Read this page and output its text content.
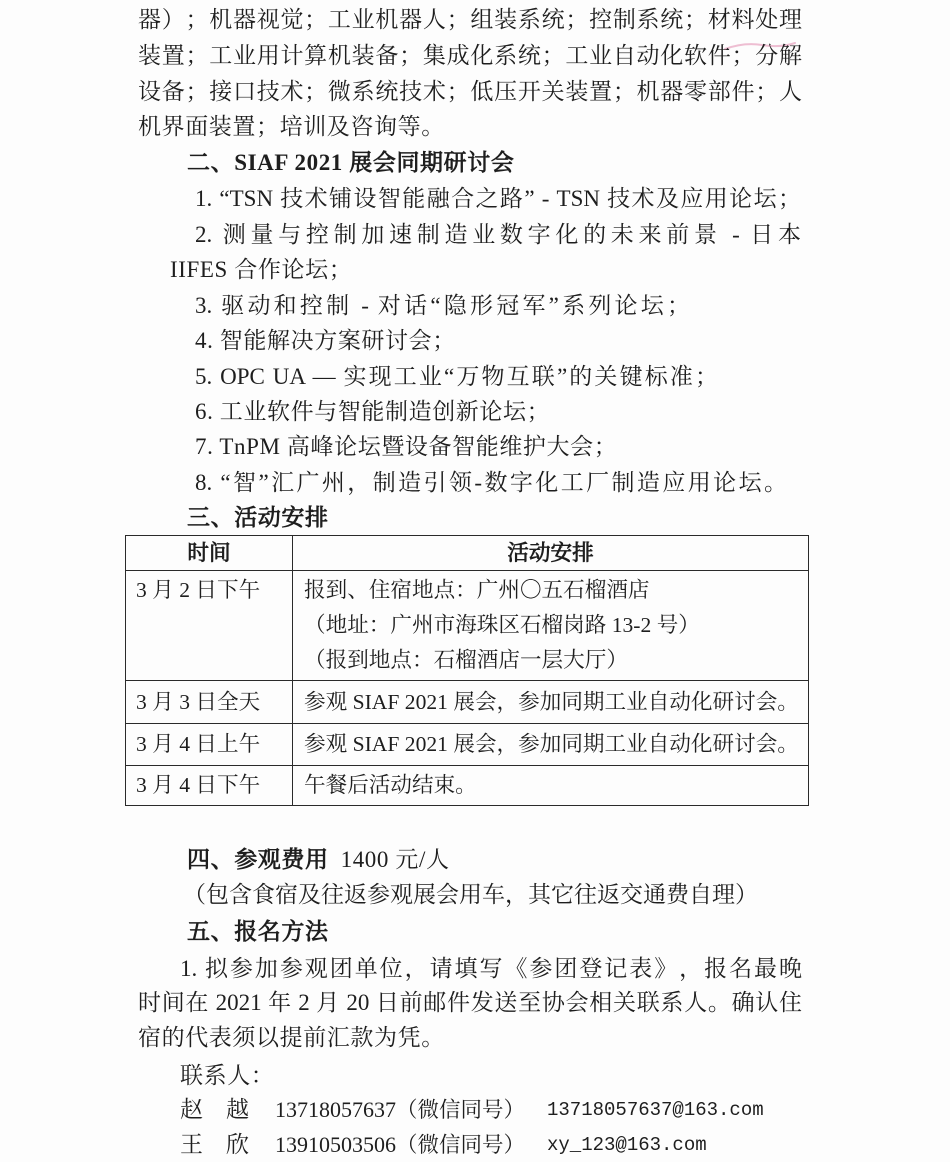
器）；机器视觉；工业机器人；组装系统；控制系统；材料处理
装置；工业用计算机装备；集成化系统；工业自动化软件；分解
设备；接口技术；微系统技术；低压开关装置；机器零部件；人
机界面装置；培训及咨询等。
二、SIAF 2021 展会同期研讨会
1. “TSN 技术铺设智能融合之路” - TSN 技术及应用论坛；
2. 测量与控制加速制造业数字化的未来前景 - 日本
IIFES 合作论坛；
3. 驱动和控制 - 对话“隐形冠军”系列论坛；
4. 智能解决方案研讨会；
5. OPC UA — 实现工业“万物互联”的关键标准；
6. 工业软件与智能制造创新论坛；
7. TnPM 高峰论坛暨设备智能维护大会；
8. “智”汇广州，制造引领-数字化工厂制造应用论坛。
三、活动安排
时间	活动安排
3 月 2 日下午	报到、住宿地点：广州〇五石榴酒店
（地址：广州市海珠区石榴岗路 13-2 号）
（报到地点：石榴酒店一层大厅）

3 月 3 日全天	参观 SIAF 2021 展会，参加同期工业自动化研讨会。
3 月 4 日上午	参观 SIAF 2021 展会，参加同期工业自动化研讨会。
3 月 4 日下午	午餐后活动结束。
四、参观费用 1400 元/人
（包含食宿及往返参观展会用车，其它往返交通费自理）
五、报名方法
1. 拟参加参观团单位，请填写《参团登记表》，报名最晚
时间在 2021 年 2 月 20 日前邮件发送至协会相关联系人。确认住
宿的代表须以提前汇款为凭。
联系人：
赵　越 13718057637（微信同号） 13718057637@163.com
王　欣 13910503506（微信同号） xy_123@163.com
